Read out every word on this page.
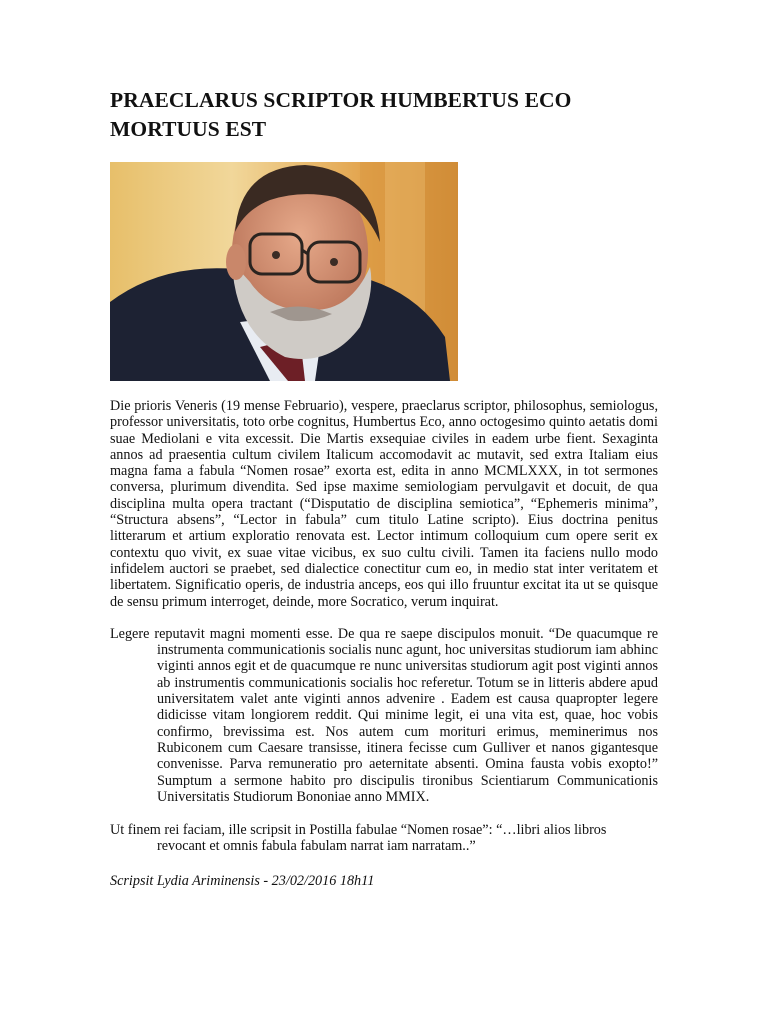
PRAECLARUS SCRIPTOR HUMBERTUS ECO
MORTUUS EST

Die prioris Veneris (19 mense Februario), vespere, praeclarus scriptor, philosophus, semiologus, professor universitatis, toto orbe cognitus, Humbertus Eco, anno octogesimo quinto aetatis domi suae Mediolani e vita excessit. Die Martis exsequiae civiles in eadem urbe fient. Sexaginta annos ad praesentia cultum civilem Italicum accomodavit ac mutavit, sed extra Italiam eius magna fama a fabula “Nomen rosae” exorta est, edita in anno MCMLXXX, in tot sermones conversa, plurimum divendita. Sed ipse maxime semiologiam pervulgavit et docuit, de qua disciplina multa opera tractant (“Disputatio de disciplina semiotica”, “Ephemeris minima”, “Structura absens”, “Lector in fabula” cum titulo Latine scripto). Eius doctrina penitus litterarum et artium exploratio renovata est. Lector intimum colloquium cum opere serit ex contextu quo vivit, ex suae vitae vicibus, ex suo cultu civili. Tamen ita faciens nullo modo infidelem auctori se praebet, sed dialectice conectitur cum eo, in medio stat inter veritatem et libertatem. Significatio operis, de industria anceps, eos qui illo fruuntur excitat ita ut se quisque de sensu primum interroget, deinde, more Socratico, verum inquirat.

Legere reputavit magni momenti esse. De qua re saepe discipulos monuit. “De quacumque re instrumenta communicationis socialis nunc agunt, hoc universitas studiorum iam abhinc viginti annos egit et de quacumque re nunc universitas studiorum agit post viginti annos ab instrumentis communicationis socialis hoc referetur. Totum se in litteris abdere apud universitatem valet ante viginti annos advenire . Eadem est causa quapropter legere didicisse vitam longiorem reddit. Qui minime legit, ei una vita est, quae, hoc vobis confirmo, brevissima est. Nos autem cum morituri erimus, meminerimus nos Rubiconem cum Caesare transisse, itinera fecisse cum Gulliver et nanos gigantesque convenisse. Parva remuneratio pro aeternitate absenti. Omina fausta vobis exopto!” Sumptum a sermone habito pro discipulis tironibus Scientiarum Communicationis Universitatis Studiorum Bononiae anno MMIX.

Ut finem rei faciam, ille scripsit in Postilla fabulae “Nomen rosae”: “…libri alios libros revocant et omnis fabula fabulam narrat iam narratam..”

Scripsit Lydia Ariminensis - 23/02/2016 18h11
